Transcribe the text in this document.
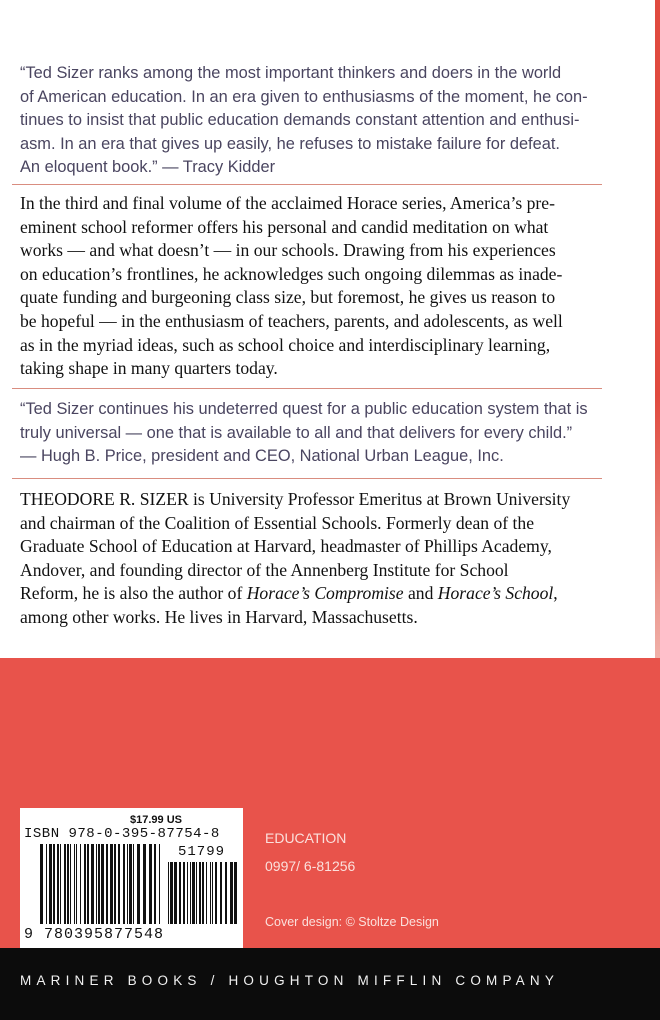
“Ted Sizer ranks among the most important thinkers and doers in the world
of American education. In an era given to enthusiasms of the moment, he con-
tinues to insist that public education demands constant attention and enthusi-
asm. In an era that gives up easily, he refuses to mistake failure for defeat.
An eloquent book.” — Tracy Kidder
In the third and final volume of the acclaimed Horace series, America’s pre-
eminent school reformer offers his personal and candid meditation on what
works — and what doesn’t — in our schools. Drawing from his experiences
on education’s frontlines, he acknowledges such ongoing dilemmas as inade-
quate funding and burgeoning class size, but foremost, he gives us reason to
be hopeful — in the enthusiasm of teachers, parents, and adolescents, as well
as in the myriad ideas, such as school choice and interdisciplinary learning,
taking shape in many quarters today.
“Ted Sizer continues his undeterred quest for a public education system that is
truly universal — one that is available to all and that delivers for every child.”
— Hugh B. Price, president and CEO, National Urban League, Inc.
THEODORE R. SIZER is University Professor Emeritus at Brown University
and chairman of the Coalition of Essential Schools. Formerly dean of the
Graduate School of Education at Harvard, headmaster of Phillips Academy,
Andover, and founding director of the Annenberg Institute for School
Reform, he is also the author of Horace’s Compromise and Horace’s School,
among other works. He lives in Harvard, Massachusetts.
$17.99 US
ISBN 978-0-395-87754-8
51799
9 780395877548
EDUCATION
0997/ 6-81256
Cover design: © Stoltze Design
MARINER BOOKS / HOUGHTON MIFFLIN COMPANY
